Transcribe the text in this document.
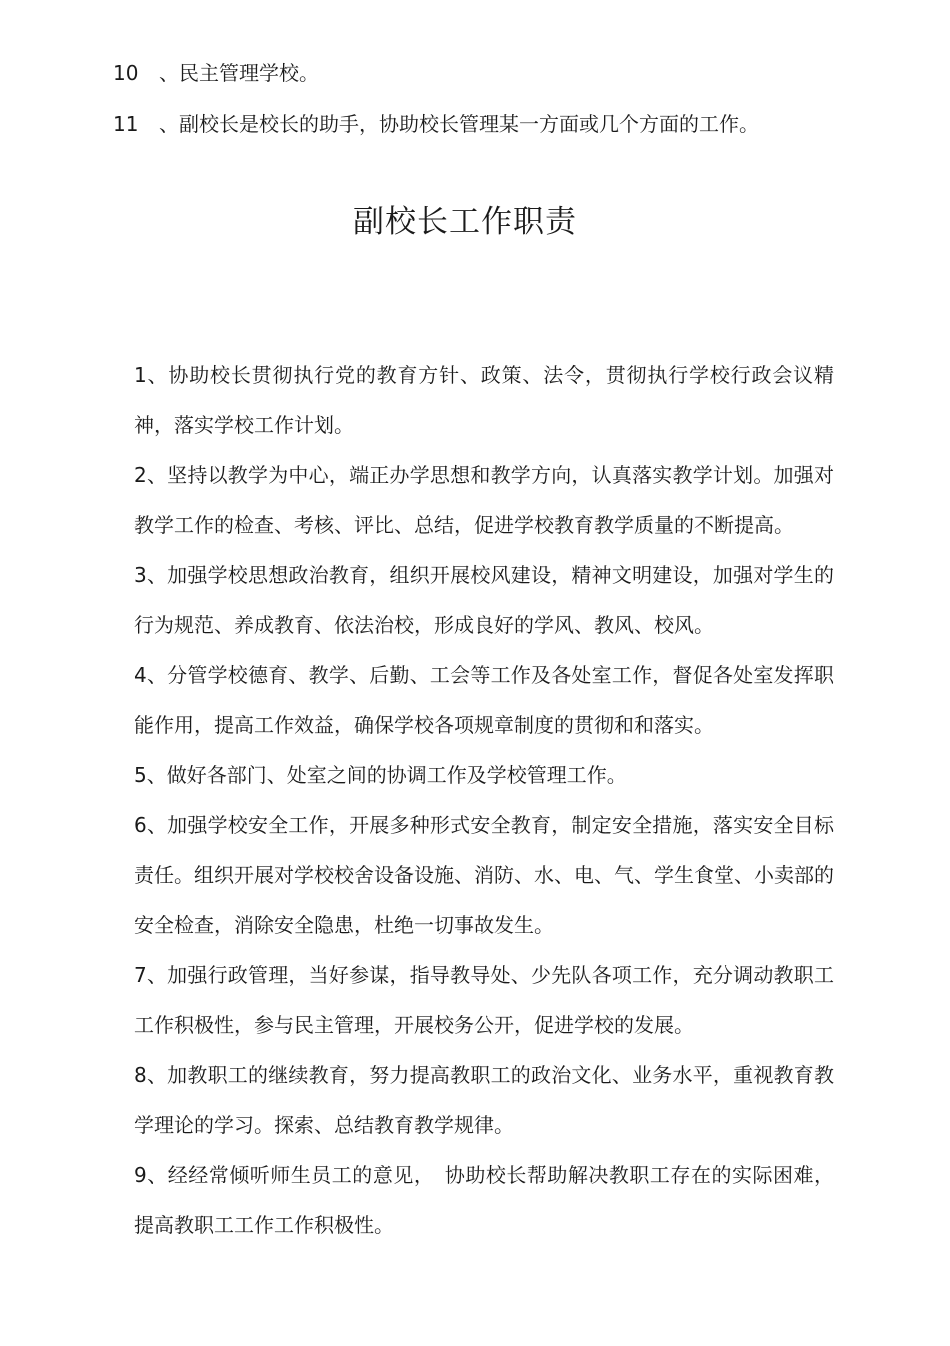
10 、民主管理学校。
11 、副校长是校长的助手，协助校长管理某一方面或几个方面的工作。
副校长工作职责

1、协助校长贯彻执行党的教育方针、政策、法令，贯彻执行学校行政会议精神，落实学校工作计划。

2、坚持以教学为中心，端正办学思想和教学方向，认真落实教学计划。加强对教学工作的检查、考核、评比、总结，促进学校教育教学质量的不断提高。

3、加强学校思想政治教育，组织开展校风建设，精神文明建设，加强对学生的行为规范、养成教育、依法治校，形成良好的学风、教风、校风。

4、分管学校德育、教学、后勤、工会等工作及各处室工作，督促各处室发挥职能作用，提高工作效益，确保学校各项规章制度的贯彻和和落实。

5、做好各部门、处室之间的协调工作及学校管理工作。

6、加强学校安全工作，开展多种形式安全教育，制定安全措施，落实安全目标责任。组织开展对学校校舍设备设施、消防、水、电、气、学生食堂、小卖部的安全检查，消除安全隐患，杜绝一切事故发生。

7、加强行政管理，当好参谋，指导教导处、少先队各项工作，充分调动教职工工作积极性，参与民主管理，开展校务公开，促进学校的发展。

8、加教职工的继续教育，努力提高教职工的政治文化、业务水平，重视教育教学理论的学习。探索、总结教育教学规律。

9、经经常倾听师生员工的意见，　协助校长帮助解决教职工存在的实际困难，提高教职工工作工作积极性。
